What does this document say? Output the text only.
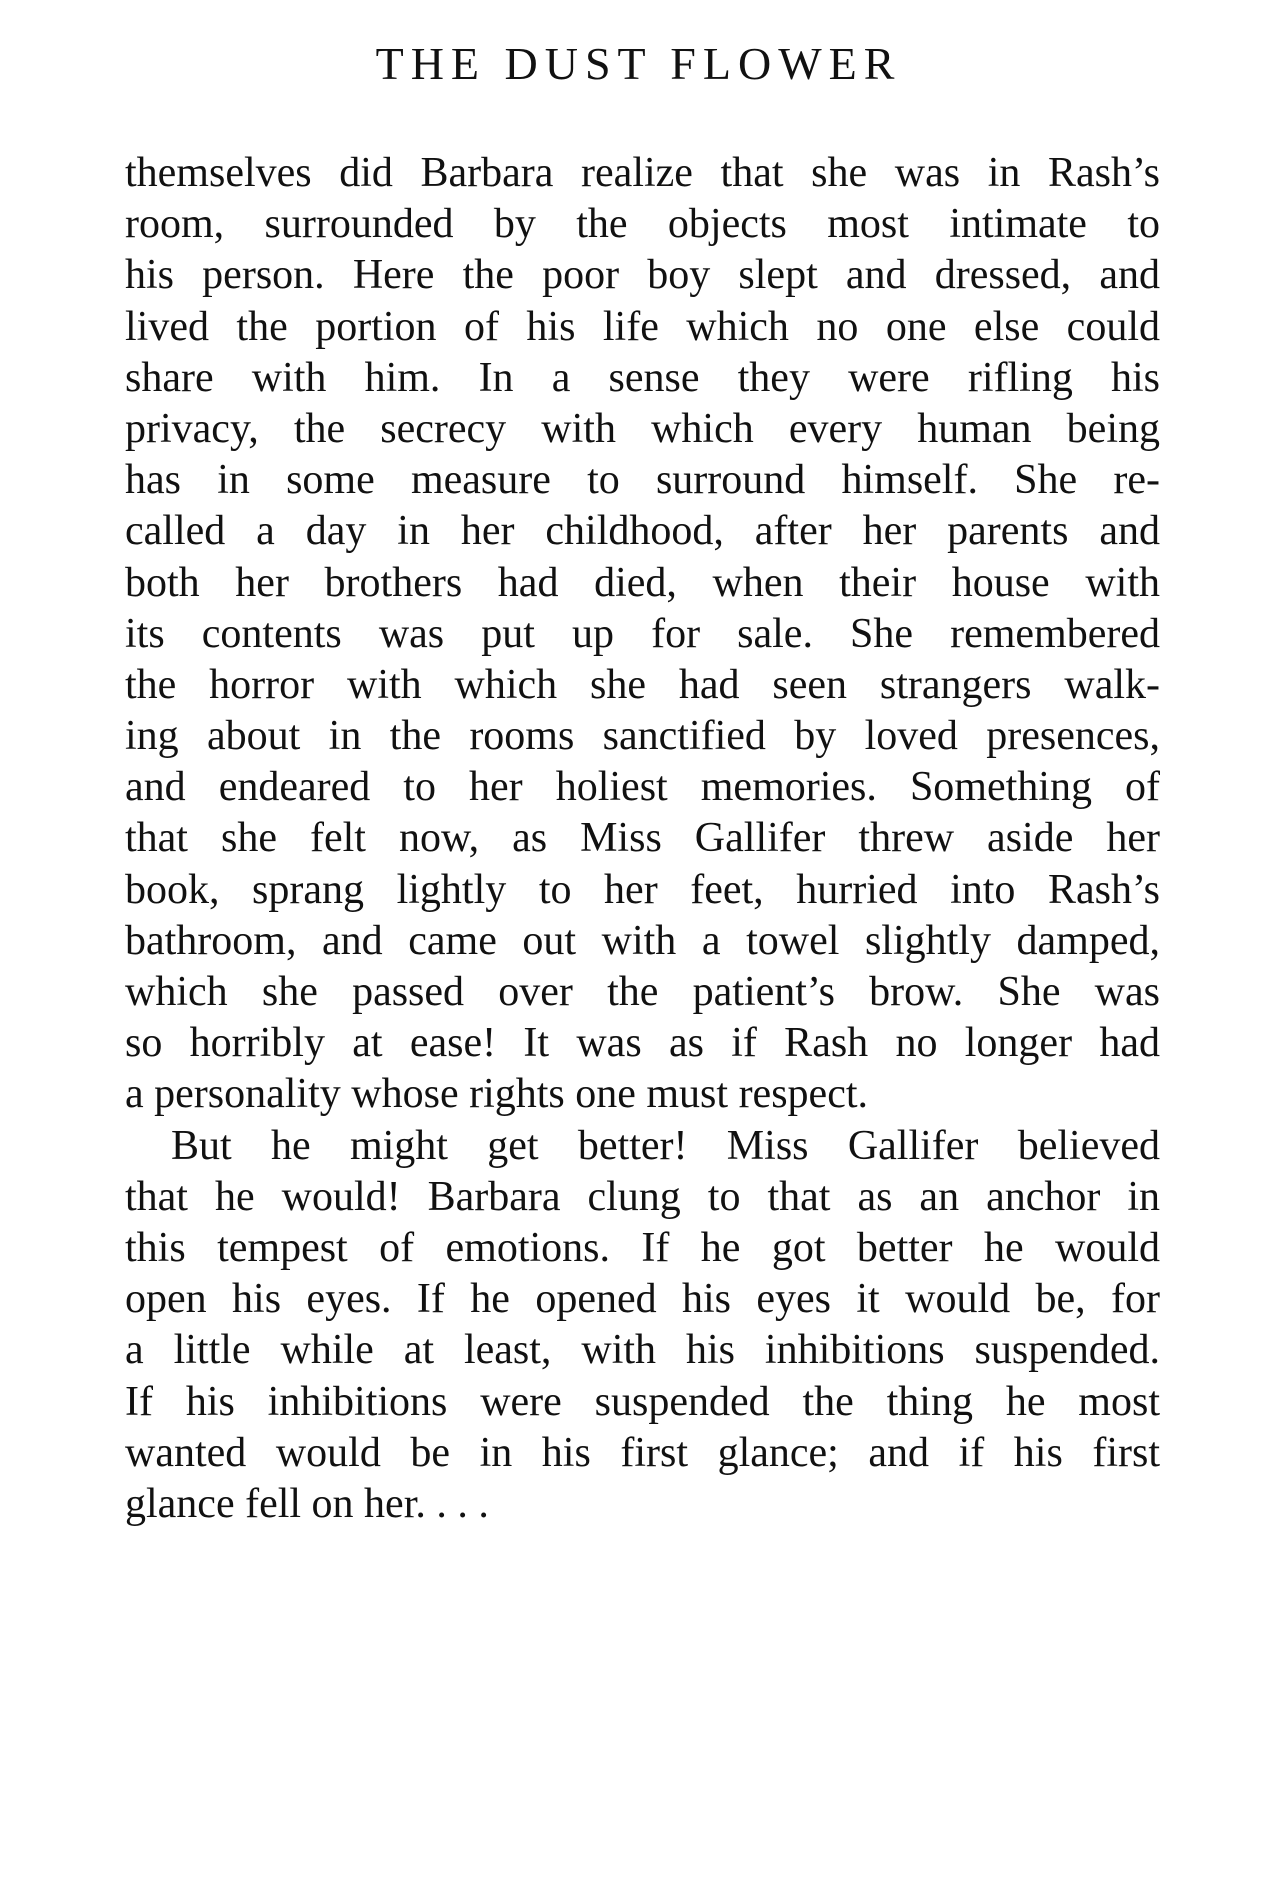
THE DUST FLOWER
themselves did Barbara realize that she was in Rash’s
room, surrounded by the objects most intimate to
his person. Here the poor boy slept and dressed, and
lived the portion of his life which no one else could
share with him. In a sense they were rifling his
privacy, the secrecy with which every human being
has in some measure to surround himself. She re-
called a day in her childhood, after her parents and
both her brothers had died, when their house with
its contents was put up for sale. She remembered
the horror with which she had seen strangers walk-
ing about in the rooms sanctified by loved presences,
and endeared to her holiest memories. Something of
that she felt now, as Miss Gallifer threw aside her
book, sprang lightly to her feet, hurried into Rash’s
bathroom, and came out with a towel slightly damped,
which she passed over the patient’s brow. She was
so horribly at ease! It was as if Rash no longer had
a personality whose rights one must respect.
But he might get better! Miss Gallifer believed
that he would! Barbara clung to that as an anchor in
this tempest of emotions. If he got better he would
open his eyes. If he opened his eyes it would be, for
a little while at least, with his inhibitions suspended.
If his inhibitions were suspended the thing he most
wanted would be in his first glance; and if his first
glance fell on her. . . .
